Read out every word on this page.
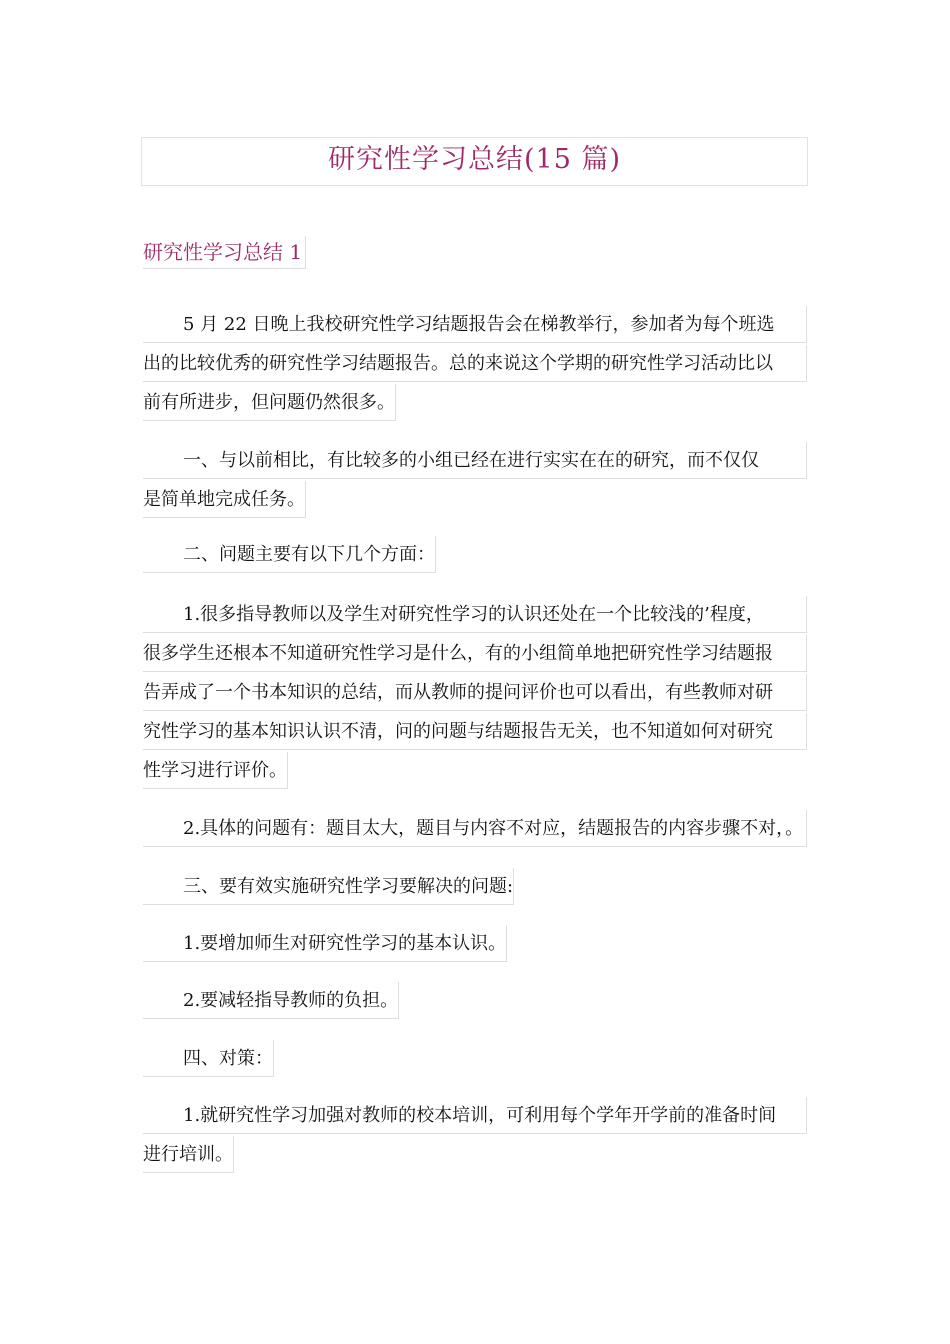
研究性学习总结(15 篇)
研究性学习总结 1
5 月 22 日晚上我校研究性学习结题报告会在梯教举行，参加者为每个班选
出的比较优秀的研究性学习结题报告。总的来说这个学期的研究性学习活动比以
前有所进步，但问题仍然很多。
一、与以前相比，有比较多的小组已经在进行实实在在的研究，而不仅仅
是简单地完成任务。
二、问题主要有以下几个方面：
1.很多指导教师以及学生对研究性学习的认识还处在一个比较浅的’程度，
很多学生还根本不知道研究性学习是什么，有的小组简单地把研究性学习结题报
告弄成了一个书本知识的总结，而从教师的提问评价也可以看出，有些教师对研
究性学习的基本知识认识不清，问的问题与结题报告无关，也不知道如何对研究
性学习进行评价。
2.具体的问题有：题目太大，题目与内容不对应，结题报告的内容步骤不对，。
三、要有效实施研究性学习要解决的问题:
1.要增加师生对研究性学习的基本认识。
2.要减轻指导教师的负担。
四、对策：
1.就研究性学习加强对教师的校本培训，可利用每个学年开学前的准备时间
进行培训。
